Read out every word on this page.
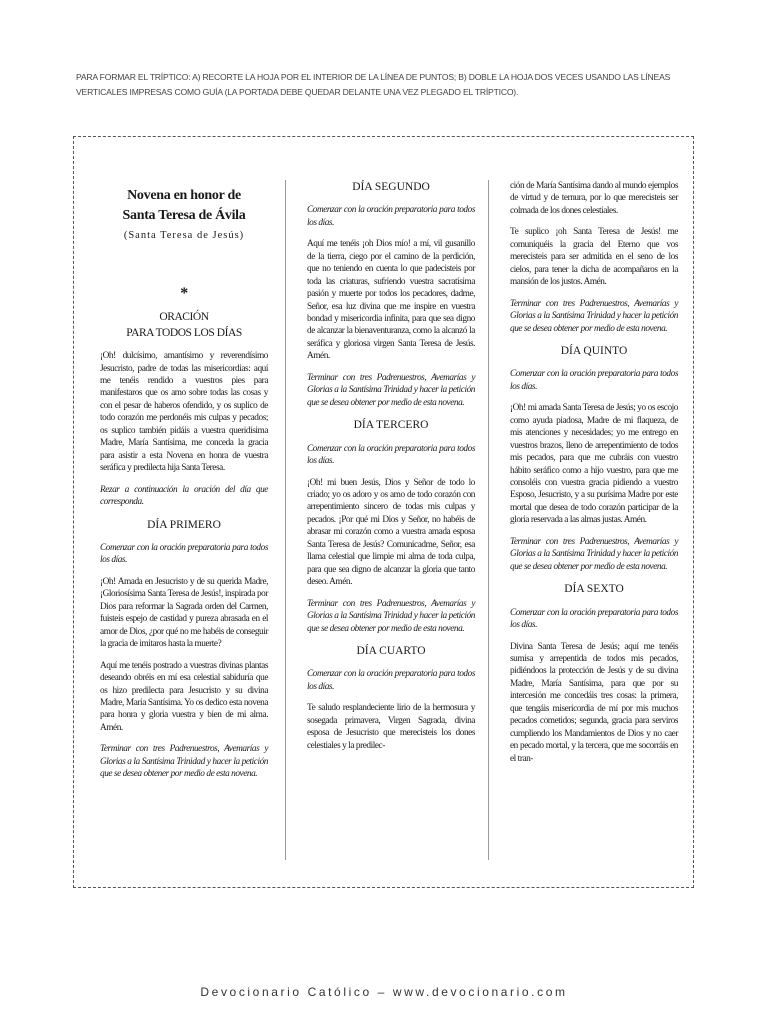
PARA FORMAR EL TRÍPTICO: A) RECORTE LA HOJA POR EL INTERIOR DE LA LÍNEA DE PUNTOS; B) DOBLE LA HOJA DOS VECES USANDO LAS LÍNEAS VERTICALES IMPRESAS COMO GUÍA (LA PORTADA DEBE QUEDAR DELANTE UNA VEZ PLEGADO EL TRÍPTICO).
Novena en honor de
Santa Teresa de Ávila
(Santa Teresa de Jesús)
*
ORACIÓN
PARA TODOS LOS DÍAS

¡Oh! dulcísimo, amantísimo y reverendísimo Jesucristo, padre de todas las misericordias: aquí me tenéis rendido a vuestros pies para manifestaros que os amo sobre todas las cosas y con el pesar de haberos ofendido, y os suplico de todo corazón me perdonéis mis culpas y pecados; os suplico también pidáis a vuestra queridísima Madre, María Santísima, me conceda la gracia para asistir a esta Novena en honra de vuestra seráfica y predilecta hija Santa Teresa.

Rezar a continuación la oración del día que corresponda.

DÍA PRIMERO

Comenzar con la oración preparatoria para todos los días.

¡Oh! Amada en Jesucristo y de su querida Madre, ¡Gloriosísima Santa Teresa de Jesús!, inspirada por Dios para reformar la Sagrada orden del Carmen, fuisteis espejo de castidad y pureza abrasada en el amor de Dios, ¿por qué no me habéis de conseguir la gracia de imitaros hasta la muerte?

Aquí me tenéis postrado a vuestras divinas plantas deseando obréis en mí esa celestial sabiduría que os hizo predilecta para Jesucristo y su divina Madre, María Santísima. Yo os dedico esta novena para honra y gloria vuestra y bien de mi alma. Amén.

Terminar con tres Padrenuestros, Avemarías y Glorias a la Santísima Trinidad y hacer la petición que se desea obtener por medio de esta novena.

DÍA SEGUNDO

Comenzar con la oración preparatoria para todos los días.

Aquí me tenéis ¡oh Dios mío! a mí, vil gusanillo de la tierra, ciego por el camino de la perdición, que no teniendo en cuenta lo que padecisteis por toda las criaturas, sufriendo vuestra sacratísima pasión y muerte por todos los pecadores, dadme, Señor, esa luz divina que me inspire en vuestra bondad y misericordia infinita, para que sea digno de alcanzar la bienaventuranza, como la alcanzó la seráfica y gloriosa virgen Santa Teresa de Jesús. Amén.

Terminar con tres Padrenuestros, Avemarías y Glorias a la Santísima Trinidad y hacer la petición que se desea obtener por medio de esta novena.

DÍA TERCERO

Comenzar con la oración preparatoria para todos los días.

¡Oh! mi buen Jesús, Dios y Señor de todo lo criado; yo os adoro y os amo de todo corazón con arrepentimiento sincero de todas mis culpas y pecados. ¡Por qué mi Dios y Señor, no habéis de abrasar mi corazón como a vuestra amada esposa Santa Teresa de Jesús? Comunicadme, Señor, esa llama celestial que limpie mi alma de toda culpa, para que sea digno de alcanzar la gloria que tanto deseo. Amén.

Terminar con tres Padrenuestros, Avemarías y Glorias a la Santísima Trinidad y hacer la petición que se desea obtener por medio de esta novena.

DÍA CUARTO

Comenzar con la oración preparatoria para todos los días.

Te saludo resplandeciente lirio de la hermosura y sosegada primavera, Virgen Sagrada, divina esposa de Jesucristo que merecisteis los dones celestiales y la predilec-

ción de María Santísima dando al mundo ejemplos de virtud y de ternura, por lo que merecisteis ser colmada de los dones celestiales.

Te suplico ¡oh Santa Teresa de Jesús! me comuniquéis la gracia del Eterno que vos merecisteis para ser admitida en el seno de los cielos, para tener la dicha de acompañaros en la mansión de los justos. Amén.

Terminar con tres Padrenuestros, Avemarías y Glorias a la Santísima Trinidad y hacer la petición que se desea obtener por medio de esta novena.

DÍA QUINTO

Comenzar con la oración preparatoria para todos los días.

¡Oh! mi amada Santa Teresa de Jesús; yo os escojo como ayuda piadosa, Madre de mi flaqueza, de mis atenciones y necesidades; yo me entrego en vuestros brazos, lleno de arrepentimiento de todos mis pecados, para que me cubráis con vuestro hábito seráfico como a hijo vuestro, para que me consoléis con vuestra gracia pidiendo a vuestro Esposo, Jesucristo, y a su purísima Madre por este mortal que desea de todo corazón participar de la gloria reservada a las almas justas. Amén.

Terminar con tres Padrenuestros, Avemarías y Glorias a la Santísima Trinidad y hacer la petición que se desea obtener por medio de esta novena.

DÍA SEXTO

Comenzar con la oración preparatoria para todos los días.

Divina Santa Teresa de Jesús; aquí me tenéis sumisa y arrepentida de todos mis pecados, pidiéndoos la protección de Jesús y de su divina Madre, María Santísima, para que por su intercesión me concedáis tres cosas: la primera, que tengáis misericordia de mí por mis muchos pecados cometidos; segunda, gracia para serviros cumpliendo los Mandamientos de Dios y no caer en pecado mortal, y la tercera, que me socorráis en el tran-

Devocionario Católico – www.devocionario.com
